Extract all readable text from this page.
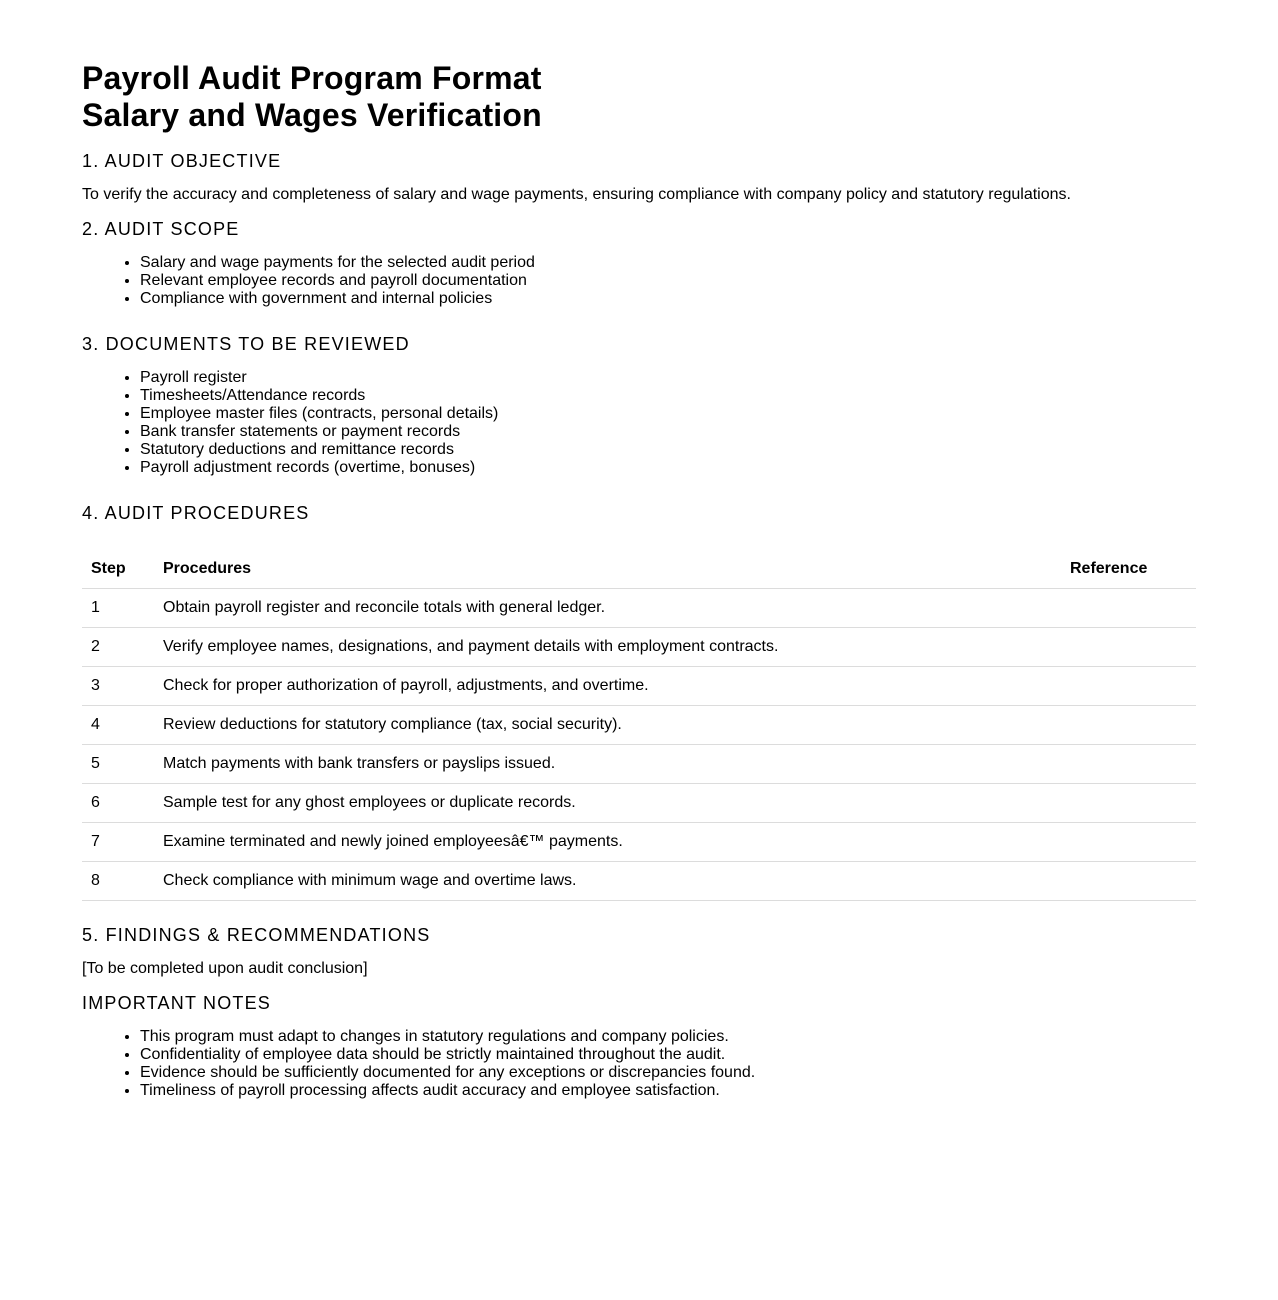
Payroll Audit Program Format
Salary and Wages Verification
1. AUDIT OBJECTIVE

To verify the accuracy and completeness of salary and wage payments, ensuring compliance with company policy and statutory regulations.

2. AUDIT SCOPE
• Salary and wage payments for the selected audit period
• Relevant employee records and payroll documentation
• Compliance with government and internal policies
3. DOCUMENTS TO BE REVIEWED
• Payroll register
• Timesheets/Attendance records
• Employee master files (contracts, personal details)
• Bank transfer statements or payment records
• Statutory deductions and remittance records
• Payroll adjustment records (overtime, bonuses)
4. AUDIT PROCEDURES
Step	Procedures	Reference
1	Obtain payroll register and reconcile totals with general ledger.	
2	Verify employee names, designations, and payment details with employment contracts.	
3	Check for proper authorization of payroll, adjustments, and overtime.	
4	Review deductions for statutory compliance (tax, social security).	
5	Match payments with bank transfers or payslips issued.	
6	Sample test for any ghost employees or duplicate records.	
7	Examine terminated and newly joined employeesâ€™ payments.	
8	Check compliance with minimum wage and overtime laws.	
5. FINDINGS & RECOMMENDATIONS

[To be completed upon audit conclusion]

IMPORTANT NOTES
• This program must adapt to changes in statutory regulations and company policies.
• Confidentiality of employee data should be strictly maintained throughout the audit.
• Evidence should be sufficiently documented for any exceptions or discrepancies found.
• Timeliness of payroll processing affects audit accuracy and employee satisfaction.
